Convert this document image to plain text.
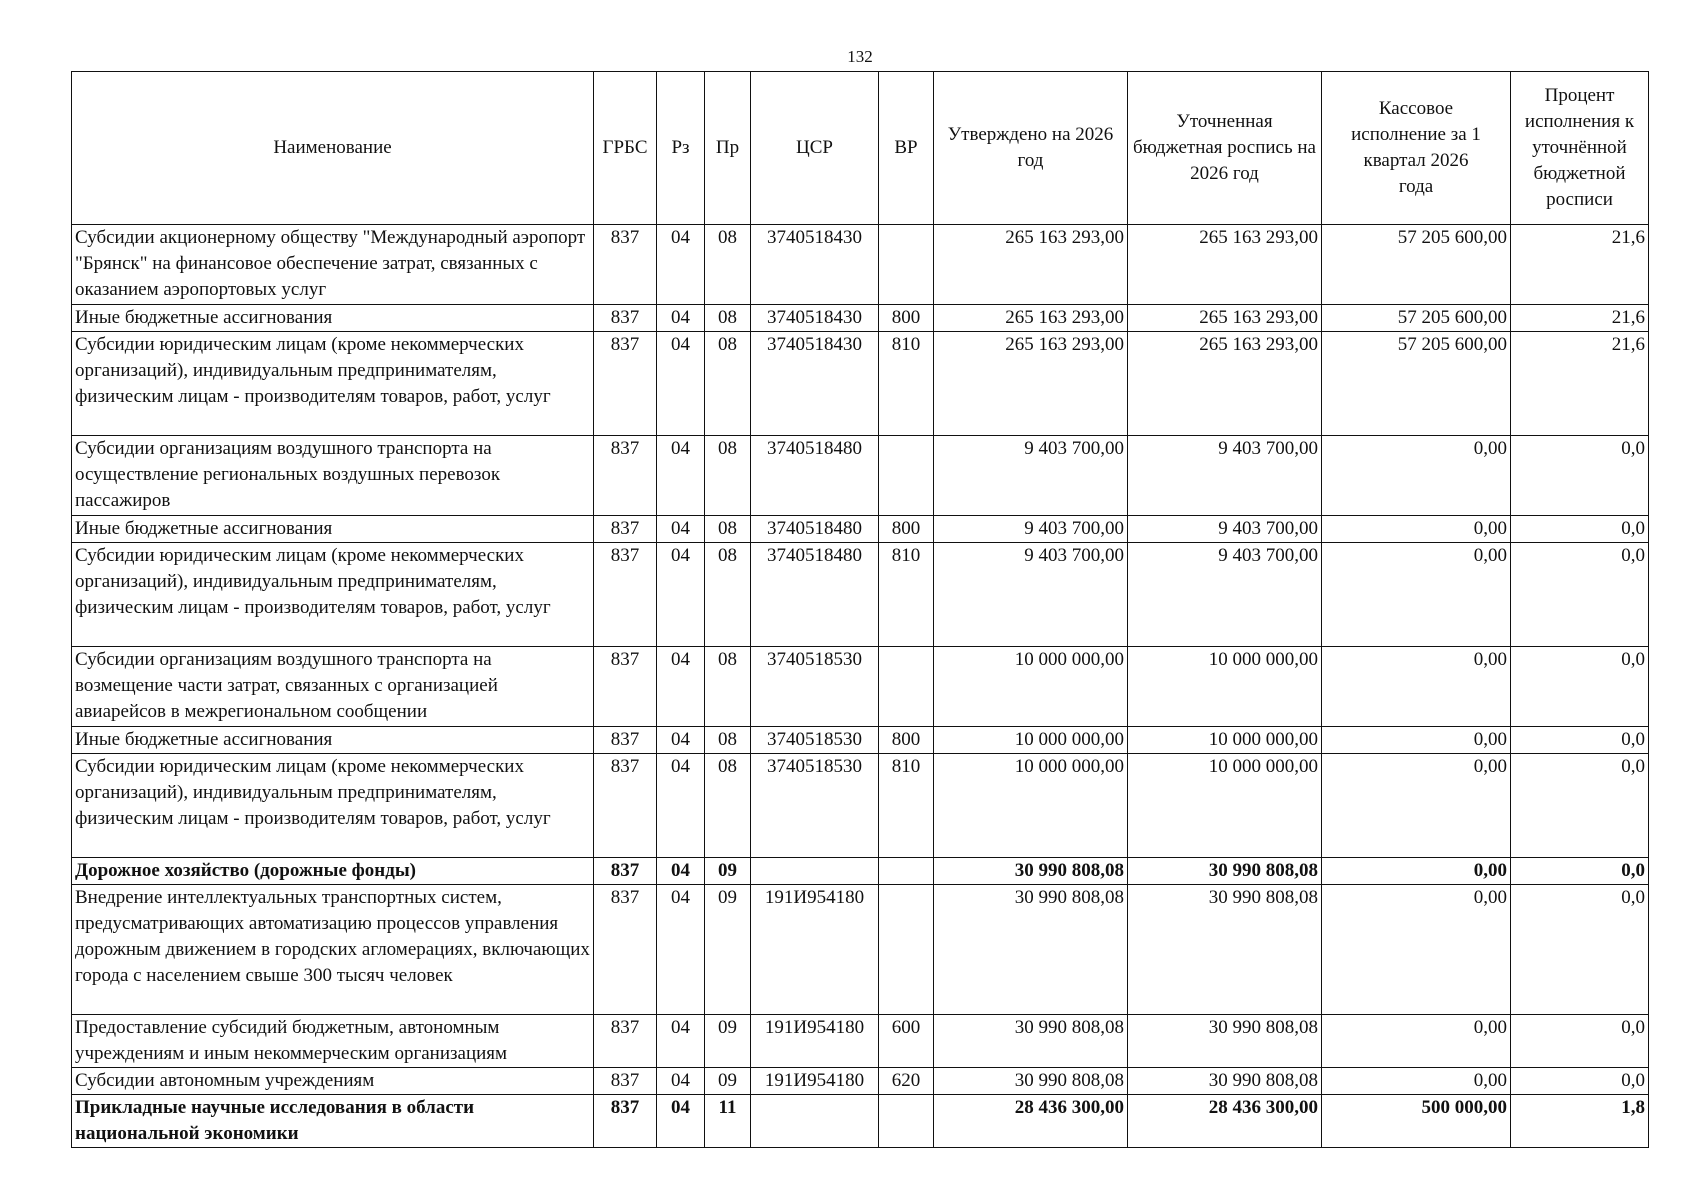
132
Наименование	ГРБС	Рз	Пр	ЦСР	ВР	Утверждено на 2026 год	Уточненная бюджетная роспись на 2026 год	Кассовое исполнение за 1 квартал 2026 года	Процент исполнения к уточнённой бюджетной росписи
Субсидии акционерному обществу "Международный аэропорт "Брянск" на финансовое обеспечение затрат, связанных с оказанием аэропортовых услуг	837	04	08	3740518430		265 163 293,00	265 163 293,00	57 205 600,00	21,6
Иные бюджетные ассигнования	837	04	08	3740518430	800	265 163 293,00	265 163 293,00	57 205 600,00	21,6
Субсидии юридическим лицам (кроме некоммерческих организаций), индивидуальным предпринимателям, физическим лицам - производителям товаров, работ, услуг	837	04	08	3740518430	810	265 163 293,00	265 163 293,00	57 205 600,00	21,6
Субсидии организациям воздушного транспорта на осуществление региональных воздушных перевозок пассажиров	837	04	08	3740518480		9 403 700,00	9 403 700,00	0,00	0,0
Иные бюджетные ассигнования	837	04	08	3740518480	800	9 403 700,00	9 403 700,00	0,00	0,0
Субсидии юридическим лицам (кроме некоммерческих организаций), индивидуальным предпринимателям, физическим лицам - производителям товаров, работ, услуг	837	04	08	3740518480	810	9 403 700,00	9 403 700,00	0,00	0,0
Субсидии организациям воздушного транспорта на возмещение части затрат, связанных с организацией авиарейсов в межрегиональном сообщении	837	04	08	3740518530		10 000 000,00	10 000 000,00	0,00	0,0
Иные бюджетные ассигнования	837	04	08	3740518530	800	10 000 000,00	10 000 000,00	0,00	0,0
Субсидии юридическим лицам (кроме некоммерческих организаций), индивидуальным предпринимателям, физическим лицам - производителям товаров, работ, услуг	837	04	08	3740518530	810	10 000 000,00	10 000 000,00	0,00	0,0
Дорожное хозяйство (дорожные фонды)	837	04	09			30 990 808,08	30 990 808,08	0,00	0,0
Внедрение интеллектуальных транспортных систем, предусматривающих автоматизацию процессов управления дорожным движением в городских агломерациях, включающих города с населением свыше 300 тысяч человек	837	04	09	191И954180		30 990 808,08	30 990 808,08	0,00	0,0
Предоставление субсидий бюджетным, автономным учреждениям и иным некоммерческим организациям	837	04	09	191И954180	600	30 990 808,08	30 990 808,08	0,00	0,0
Субсидии автономным учреждениям	837	04	09	191И954180	620	30 990 808,08	30 990 808,08	0,00	0,0
Прикладные научные исследования в области национальной экономики	837	04	11			28 436 300,00	28 436 300,00	500 000,00	1,8
